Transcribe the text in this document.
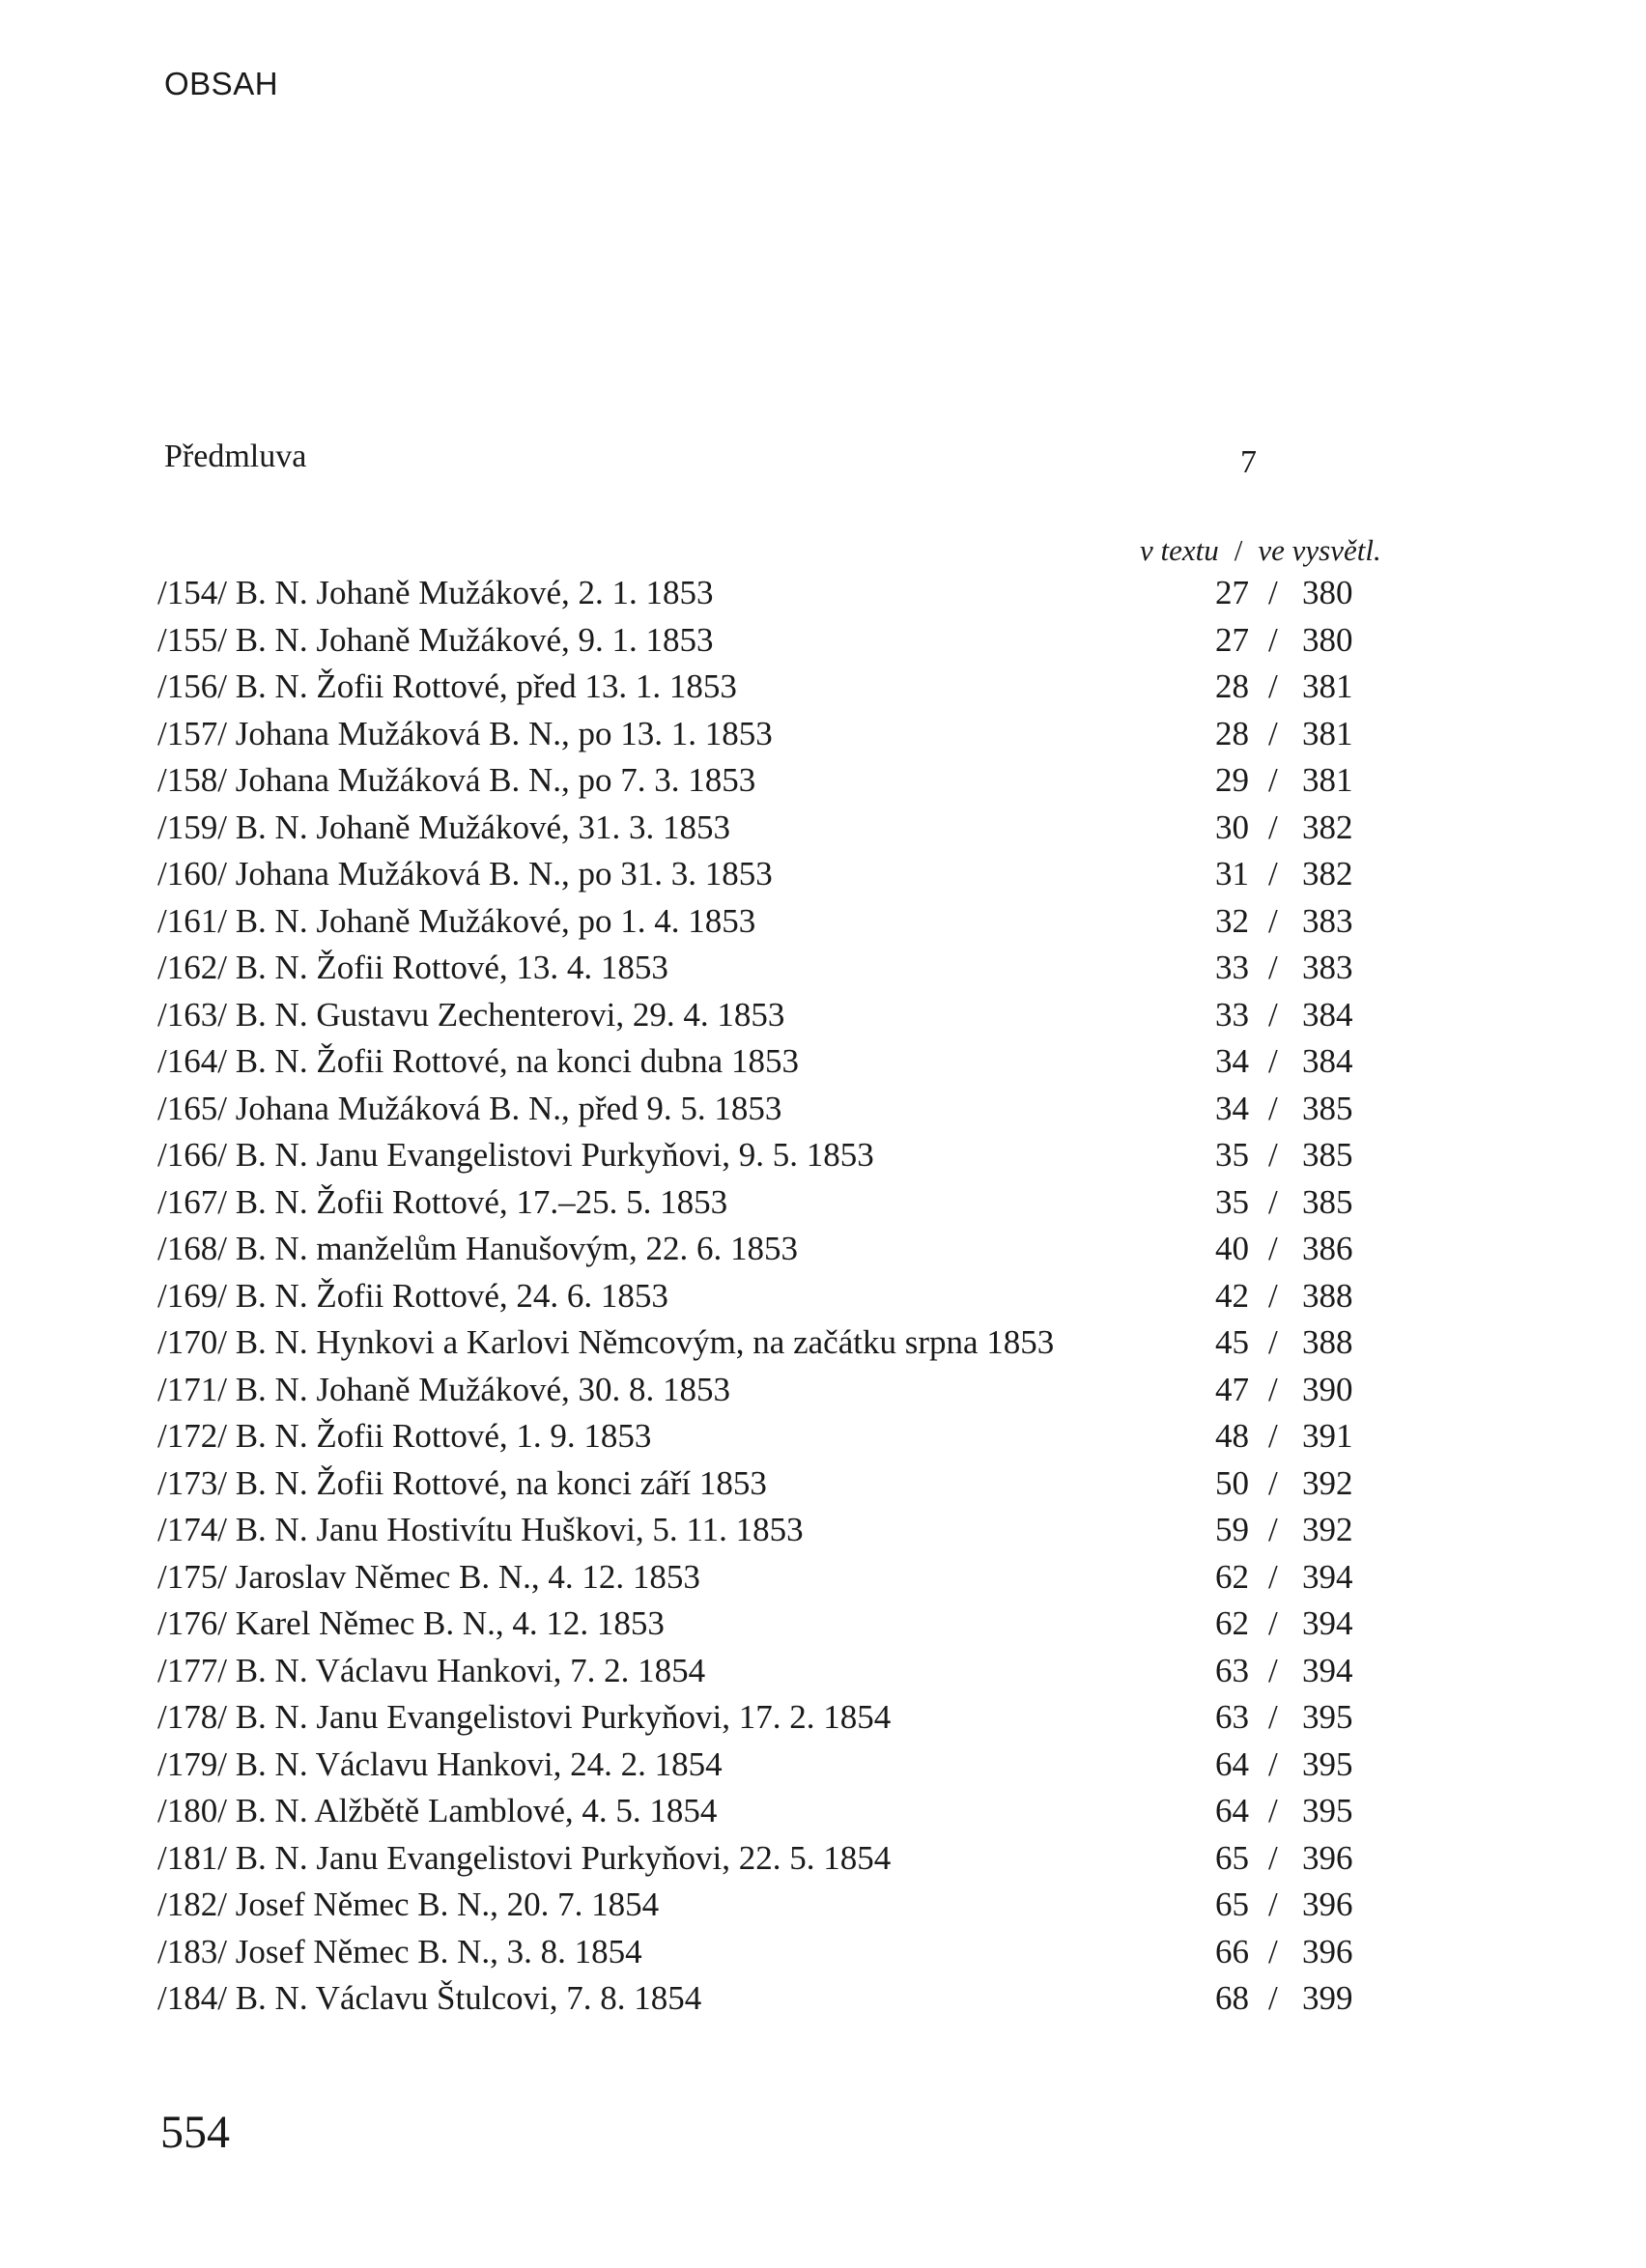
OBSAH
Předmluva	7
v textu / ve vysvětl.
/154/ B. N. Johaně Mužákové, 2. 1. 1853	27 / 380
/155/ B. N. Johaně Mužákové, 9. 1. 1853	27 / 380
/156/ B. N. Žofii Rottové, před 13. 1. 1853	28 / 381
/157/ Johana Mužáková B. N., po 13. 1. 1853	28 / 381
/158/ Johana Mužáková B. N., po 7. 3. 1853	29 / 381
/159/ B. N. Johaně Mužákové, 31. 3. 1853	30 / 382
/160/ Johana Mužáková B. N., po 31. 3. 1853	31 / 382
/161/ B. N. Johaně Mužákové, po 1. 4. 1853	32 / 383
/162/ B. N. Žofii Rottové, 13. 4. 1853	33 / 383
/163/ B. N. Gustavu Zechenterovi, 29. 4. 1853	33 / 384
/164/ B. N. Žofii Rottové, na konci dubna 1853	34 / 384
/165/ Johana Mužáková B. N., před 9. 5. 1853	34 / 385
/166/ B. N. Janu Evangelistovi Purkyňovi, 9. 5. 1853	35 / 385
/167/ B. N. Žofii Rottové, 17.–25. 5. 1853	35 / 385
/168/ B. N. manželům Hanušovým, 22. 6. 1853	40 / 386
/169/ B. N. Žofii Rottové, 24. 6. 1853	42 / 388
/170/ B. N. Hynkovi a Karlovi Němcovým, na začátku srpna 1853	45 / 388
/171/ B. N. Johaně Mužákové, 30. 8. 1853	47 / 390
/172/ B. N. Žofii Rottové, 1. 9. 1853	48 / 391
/173/ B. N. Žofii Rottové, na konci září 1853	50 / 392
/174/ B. N. Janu Hostivítu Huškovi, 5. 11. 1853	59 / 392
/175/ Jaroslav Němec B. N., 4. 12. 1853	62 / 394
/176/ Karel Němec B. N., 4. 12. 1853	62 / 394
/177/ B. N. Václavu Hankovi, 7. 2. 1854	63 / 394
/178/ B. N. Janu Evangelistovi Purkyňovi, 17. 2. 1854	63 / 395
/179/ B. N. Václavu Hankovi, 24. 2. 1854	64 / 395
/180/ B. N. Alžbětě Lamblové, 4. 5. 1854	64 / 395
/181/ B. N. Janu Evangelistovi Purkyňovi, 22. 5. 1854	65 / 396
/182/ Josef Němec B. N., 20. 7. 1854	65 / 396
/183/ Josef Němec B. N., 3. 8. 1854	66 / 396
/184/ B. N. Václavu Štulcovi, 7. 8. 1854	68 / 399
554
